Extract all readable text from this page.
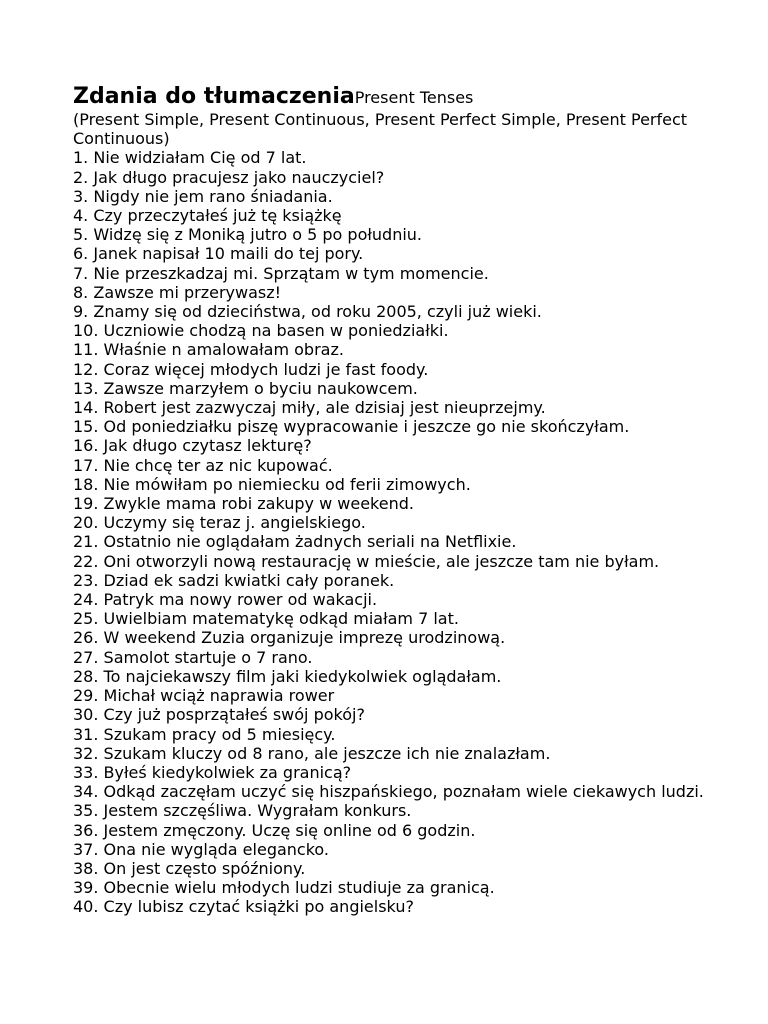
Zdania do tłumaczeniaPresent Tenses
(Present Simple, Present Continuous, Present Perfect Simple, Present Perfect Continuous)
1. Nie widziałam Cię od 7 lat.
2. Jak długo pracujesz jako nauczyciel?
3. Nigdy nie jem rano śniadania.
4. Czy przeczytałeś już tę książkę
5. Widzę się z Moniką jutro o 5 po południu.
6. Janek napisał 10 maili do tej pory.
7. Nie przeszkadzaj mi. Sprzątam w tym momencie.
8. Zawsze mi przerywasz!
9. Znamy się od dzieciństwa, od roku 2005, czyli już wieki.
10. Uczniowie chodzą na basen w poniedziałki.
11. Właśnie n amalowałam obraz.
12. Coraz więcej młodych ludzi je fast foody.
13. Zawsze marzyłem o byciu naukowcem.
14. Robert jest zazwyczaj miły, ale dzisiaj jest nieuprzejmy.
15. Od poniedziałku piszę wypracowanie i jeszcze go nie skończyłam.
16. Jak długo czytasz lekturę?
17. Nie chcę ter az nic kupować.
18. Nie mówiłam po niemiecku od ferii zimowych.
19. Zwykle mama robi zakupy w weekend.
20. Uczymy się teraz j. angielskiego.
21. Ostatnio nie oglądałam żadnych seriali na Netflixie.
22. Oni otworzyli nową restaurację w mieście, ale jeszcze tam nie byłam.
23. Dziad ek sadzi kwiatki cały poranek.
24. Patryk ma nowy rower od wakacji.
25. Uwielbiam matematykę odkąd miałam 7 lat.
26. W weekend Zuzia organizuje imprezę urodzinową.
27. Samolot startuje o 7 rano.
28. To najciekawszy film jaki kiedykolwiek oglądałam.
29. Michał wciąż naprawia rower
30. Czy już posprzątałeś swój pokój?
31. Szukam pracy od 5 miesięcy.
32. Szukam kluczy od 8 rano, ale jeszcze ich nie znalazłam.
33. Byłeś kiedykolwiek za granicą?
34. Odkąd zaczęłam uczyć się hiszpańskiego, poznałam wiele ciekawych ludzi.
35. Jestem szczęśliwa. Wygrałam konkurs.
36. Jestem zmęczony. Uczę się online od 6 godzin.
37. Ona nie wygląda elegancko.
38. On jest często spóźniony.
39. Obecnie wielu młodych ludzi studiuje za granicą.
40. Czy lubisz czytać książki po angielsku?
